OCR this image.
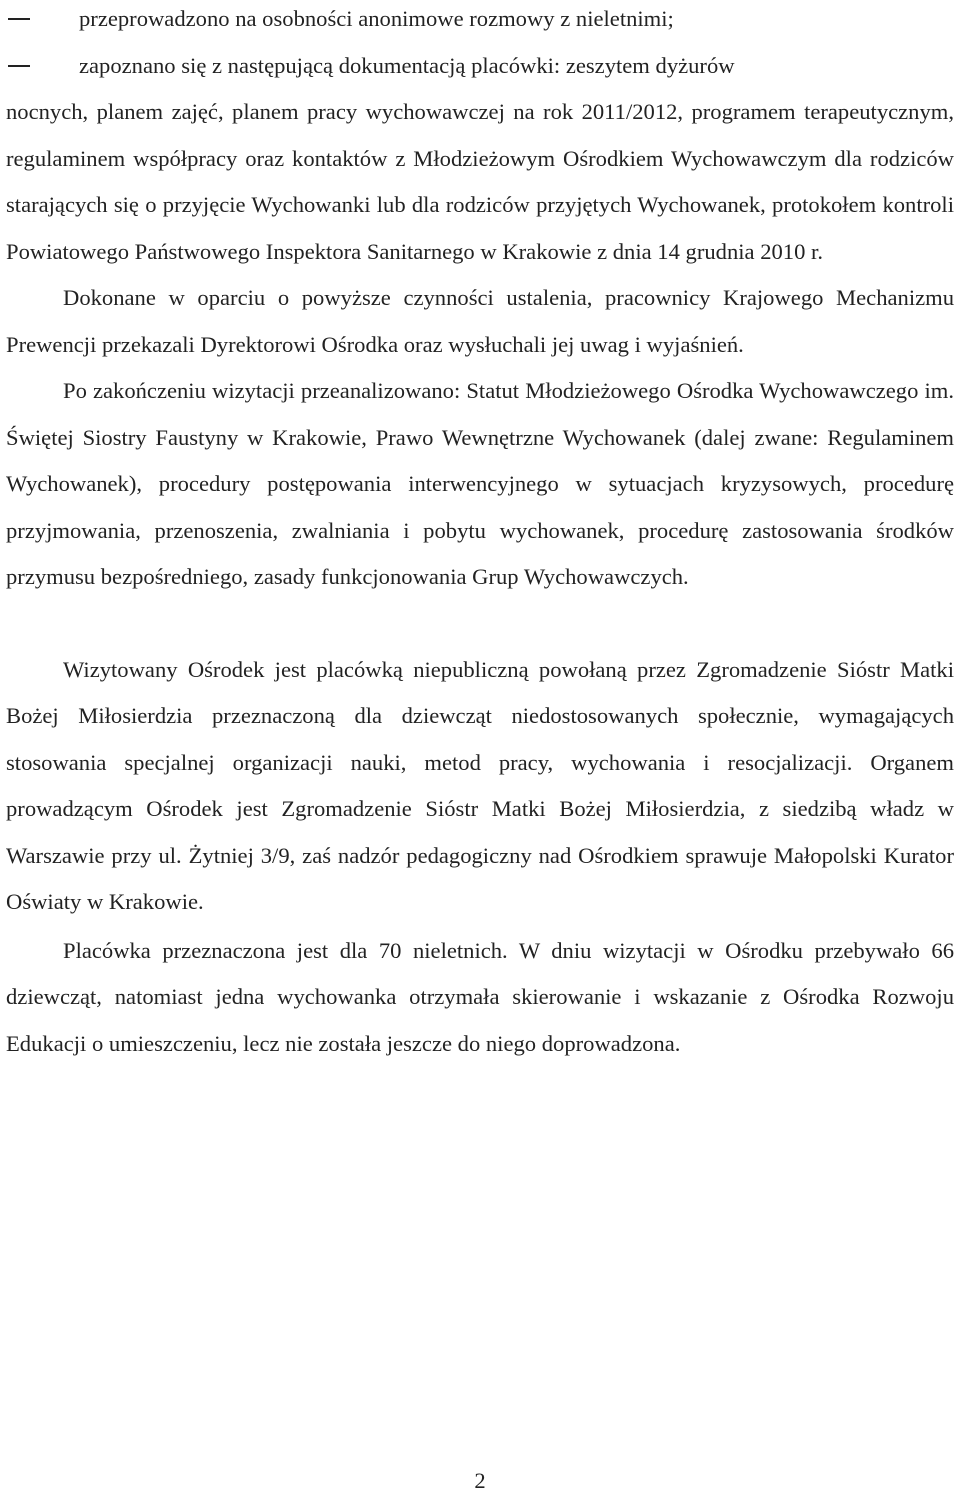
przeprowadzono na osobności anonimowe rozmowy z nieletnimi;
zapoznano się z następującą dokumentacją placówki: zeszytem dyżurów

nocnych, planem zajęć, planem pracy wychowawczej na rok 2011/2012, programem terapeutycznym, regulaminem współpracy oraz kontaktów z Młodzieżowym Ośrodkiem Wychowawczym dla rodziców starających się o przyjęcie Wychowanki lub dla rodziców przyjętych Wychowanek, protokołem kontroli Powiatowego Państwowego Inspektora Sanitarnego w Krakowie z dnia 14 grudnia 2010 r.

Dokonane w oparciu o powyższe czynności ustalenia, pracownicy Krajowego Mechanizmu Prewencji przekazali Dyrektorowi Ośrodka oraz wysłuchali jej uwag i wyjaśnień.

Po zakończeniu wizytacji przeanalizowano: Statut Młodzieżowego Ośrodka Wychowawczego im. Świętej Siostry Faustyny w Krakowie, Prawo Wewnętrzne Wychowanek (dalej zwane: Regulaminem Wychowanek), procedury postępowania interwencyjnego w sytuacjach kryzysowych, procedurę przyjmowania, przenoszenia, zwalniania i pobytu wychowanek, procedurę zastosowania środków przymusu bezpośredniego, zasady funkcjonowania Grup Wychowawczych.

Wizytowany Ośrodek jest placówką niepubliczną powołaną przez Zgromadzenie Sióstr Matki Bożej Miłosierdzia przeznaczoną dla dziewcząt niedostosowanych społecznie, wymagających stosowania specjalnej organizacji nauki, metod pracy, wychowania i resocjalizacji. Organem prowadzącym Ośrodek jest Zgromadzenie Sióstr Matki Bożej Miłosierdzia, z siedzibą władz w Warszawie przy ul. Żytniej 3/9, zaś nadzór pedagogiczny nad Ośrodkiem sprawuje Małopolski Kurator Oświaty w Krakowie.

Placówka przeznaczona jest dla 70 nieletnich. W dniu wizytacji w Ośrodku przebywało 66 dziewcząt, natomiast jedna wychowanka otrzymała skierowanie i wskazanie z Ośrodka Rozwoju Edukacji o umieszczeniu, lecz nie została jeszcze do niego doprowadzona.

2
